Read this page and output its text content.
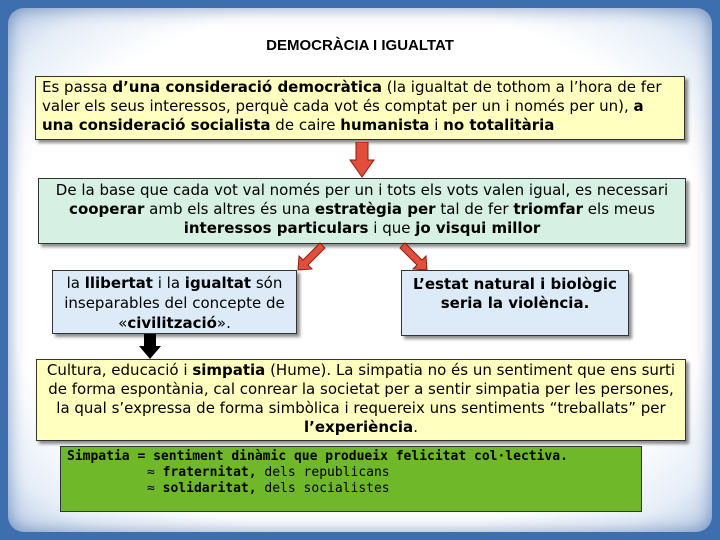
DEMOCRÀCIA I IGUALTAT
Es passa d’una consideració democràtica (la igualtat de tothom a l’hora de fer valer els seus interessos, perquè cada vot és comptat per un i només per un), a una consideració socialista de caire humanista i no totalitària
De la base que cada vot val només per un i tots els vots valen igual, es necessari cooperar amb els altres és una estratègia per tal de fer triomfar els meus interessos particulars i que jo visqui millor
la llibertat i la igualtat són inseparables del concepte de «civilització».
L’estat natural i biològic seria la violència.
Cultura, educació i simpatia (Hume). La simpatia no és un sentiment que ens surti de forma espontània, cal conrear la societat per a sentir simpatia per les persones, la qual s’expressa de forma simbòlica i requereix uns sentiments “treballats” per l’experiència.
Simpatia = sentiment dinàmic que produeix felicitat col·lectiva.
≈ fraternitat, dels republicans
≈ solidaritat, dels socialistes
